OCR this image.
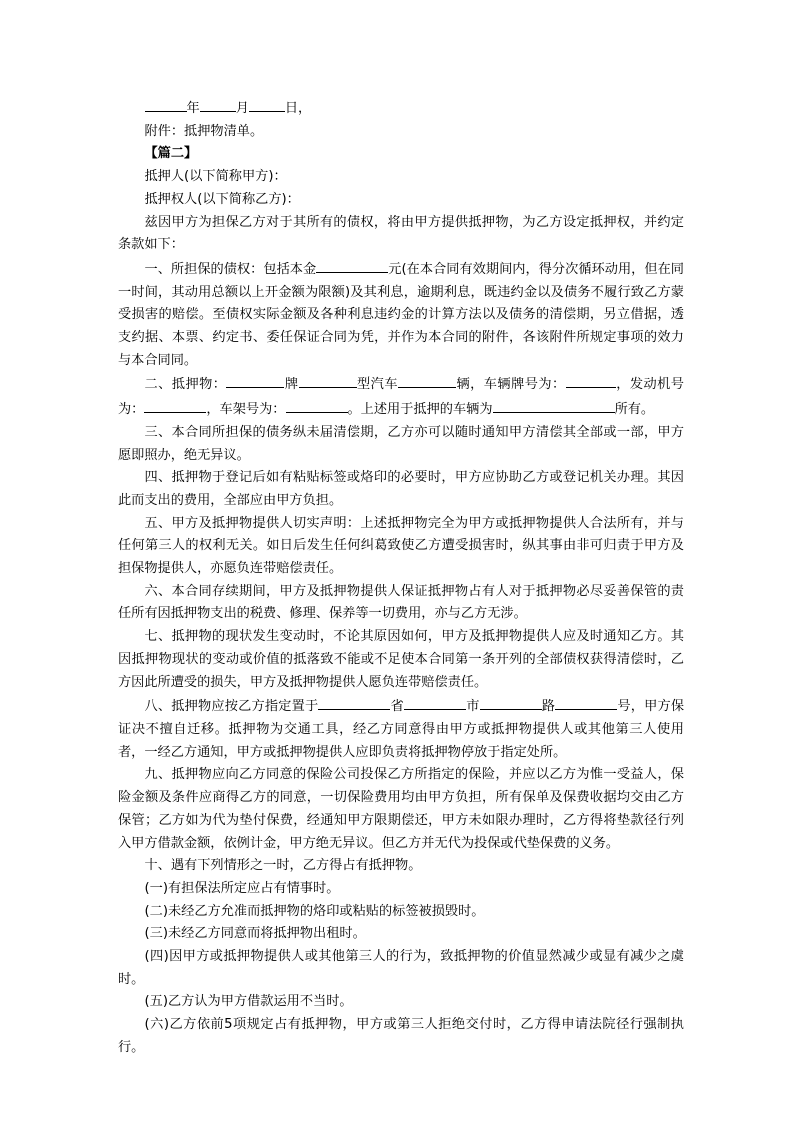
年	月	日，

附件：抵押物清单。

【篇二】

抵押人(以下简称甲方)：

抵押权人(以下简称乙方)：

兹因甲方为担保乙方对于其所有的债权，将由甲方提供抵押物，为乙方设定抵押权，并约定条款如下：

一、所担保的债权：包括本金	元(在本合同有效期间内，得分次循环动用，但在同一时间，其动用总额以上开金额为限额)及其利息，逾期利息，既违约金以及债务不履行致乙方蒙受损害的赔偿。至债权实际金额及各种利息违约金的计算方法以及债务的清偿期，另立借据，透支约据、本票、约定书、委任保证合同为凭，并作为本合同的附件，各该附件所规定事项的效力与本合同同。

二、抵押物：	牌	型汽车	辆，车辆牌号为：	，发动机号为：	，车架号为：	。上述用于抵押的车辆为	所有。

三、本合同所担保的债务纵未届清偿期，乙方亦可以随时通知甲方清偿其全部或一部，甲方愿即照办，绝无异议。

四、抵押物于登记后如有粘贴标签或烙印的必要时，甲方应协助乙方或登记机关办理。其因此而支出的费用，全部应由甲方负担。

五、甲方及抵押物提供人切实声明：上述抵押物完全为甲方或抵押物提供人合法所有，并与任何第三人的权利无关。如日后发生任何纠葛致使乙方遭受损害时，纵其事由非可归责于甲方及担保物提供人，亦愿负连带赔偿责任。

六、本合同存续期间，甲方及抵押物提供人保证抵押物占有人对于抵押物必尽妥善保管的责任所有因抵押物支出的税费、修理、保养等一切费用，亦与乙方无涉。

七、抵押物的现状发生变动时，不论其原因如何，甲方及抵押物提供人应及时通知乙方。其因抵押物现状的变动或价值的抵落致不能或不足使本合同第一条开列的全部债权获得清偿时，乙方因此所遭受的损失，甲方及抵押物提供人愿负连带赔偿责任。

八、抵押物应按乙方指定置于	省	市	路	号，甲方保证决不擅自迁移。抵押物为交通工具，经乙方同意得由甲方或抵押物提供人或其他第三人使用者，一经乙方通知，甲方或抵押物提供人应即负责将抵押物停放于指定处所。

九、抵押物应向乙方同意的保险公司投保乙方所指定的保险，并应以乙方为惟一受益人，保险金额及条件应商得乙方的同意，一切保险费用均由甲方负担，所有保单及保费收据均交由乙方保管；乙方如为代为垫付保费，经通知甲方限期偿还，甲方未如限办理时，乙方得将垫款径行列入甲方借款金额，依例计金，甲方绝无异议。但乙方并无代为投保或代垫保费的义务。

十、遇有下列情形之一时，乙方得占有抵押物。

(一)有担保法所定应占有情事时。

(二)未经乙方允准而抵押物的烙印或粘贴的标签被损毁时。

(三)未经乙方同意而将抵押物出租时。

(四)因甲方或抵押物提供人或其他第三人的行为，致抵押物的价值显然减少或显有减少之虞时。

(五)乙方认为甲方借款运用不当时。

(六)乙方依前5项规定占有抵押物，甲方或第三人拒绝交付时，乙方得申请法院径行强制执行。
